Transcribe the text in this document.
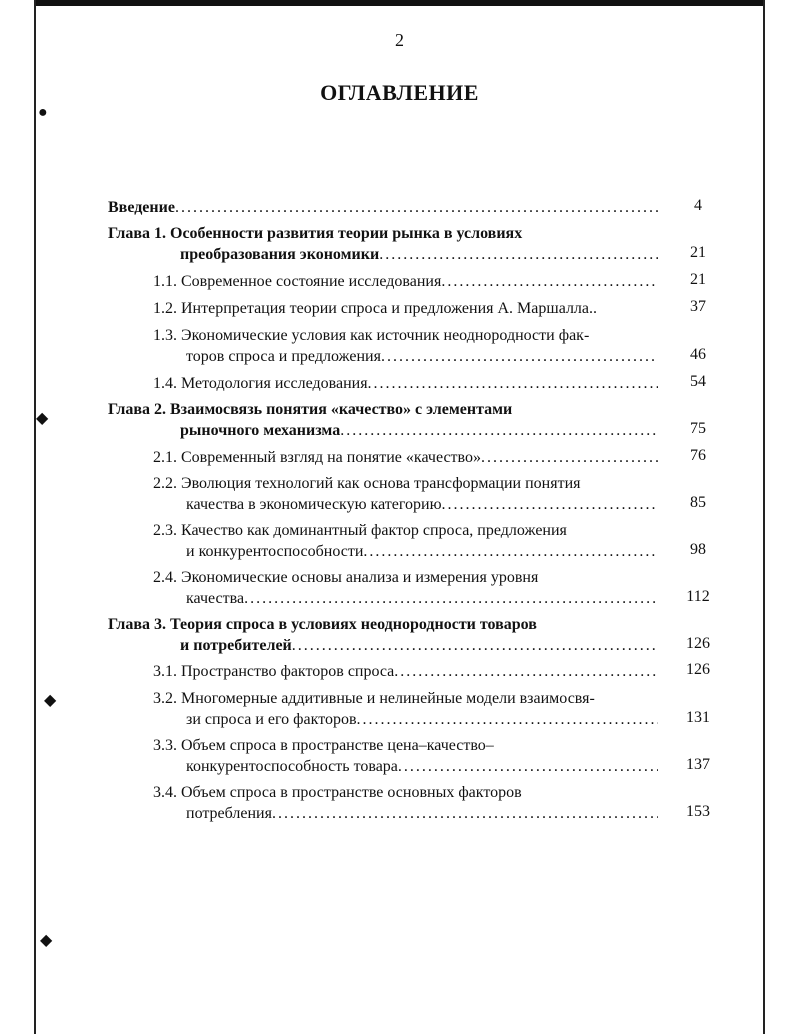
●
◆
◆
◆
2
ОГЛАВЛЕНИЕ
Введение . . .	4
Глава 1. Особенности развития теории рынка в условиях
преобразования экономики . . .	21
1.1. Современное состояние исследования . . .	21
1.2. Интерпретация теории спроса и предложения А. Маршалла..	37
1.3. Экономические условия как источник неоднородности фак-
торов спроса и предложения . . .	46
1.4. Методология исследования . . .	54
Глава 2. Взаимосвязь понятия «качество» с элементами
рыночного механизма . . .	75
2.1. Современный взгляд на понятие «качество» . . .	76
2.2. Эволюция технологий как основа трансформации понятия
качества в экономическую категорию . . .	85
2.3. Качество как доминантный фактор спроса, предложения
и конкурентоспособности . . .	98
2.4. Экономические основы анализа и измерения уровня
качества . . .	112
Глава 3. Теория спроса в условиях неоднородности товаров
и потребителей . . .	126
3.1. Пространство факторов спроса . . .	126
3.2. Многомерные аддитивные и нелинейные модели взаимосвя-
зи спроса и его факторов . . .	131
3.3. Объем спроса в пространстве цена–качество–
конкурентоспособность товара . . .	137
3.4. Объем спроса в пространстве основных факторов
потребления . . .	153
